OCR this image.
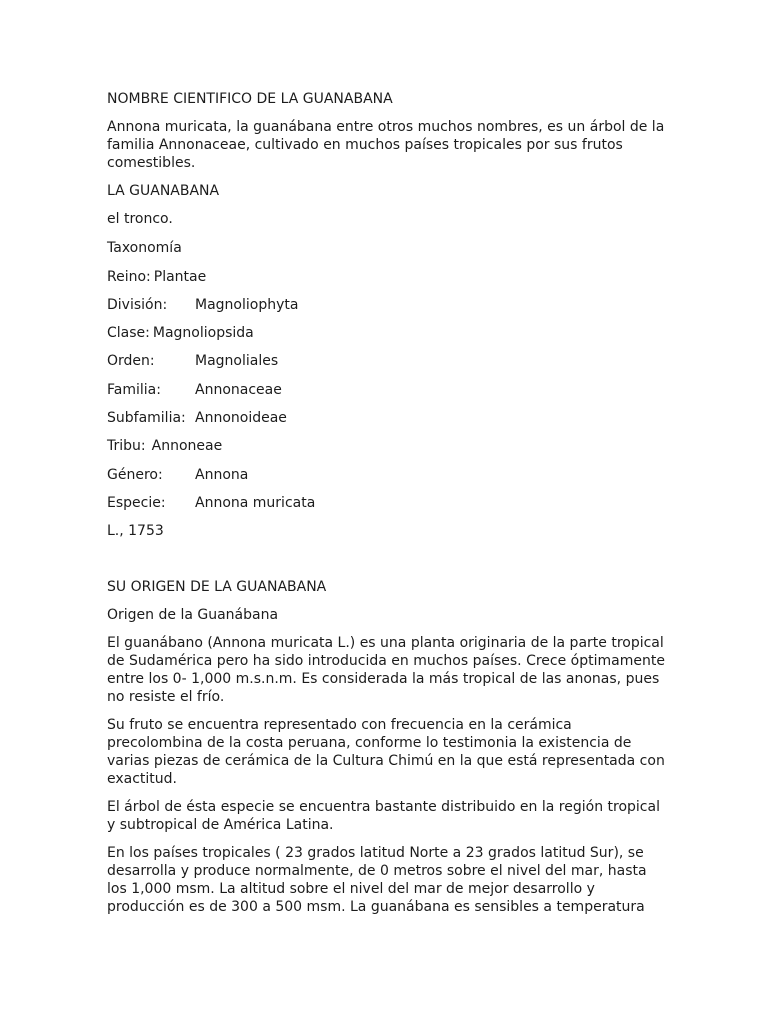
NOMBRE CIENTIFICO DE LA GUANABANA
Annona muricata, la guanábana entre otros muchos nombres, es un árbol de la
familia Annonaceae, cultivado en muchos países tropicales por sus frutos
comestibles.
LA GUANABANA
el tronco.
Taxonomía
Reino: Plantae
División: Magnoliophyta
Clase: Magnoliopsida
Orden:	Magnoliales
Familia: Annonaceae
Subfamilia: Annonoideae
Tribu: Annoneae
Género: Annona
Especie: Annona muricata
L., 1753
SU ORIGEN DE LA GUANABANA
Origen de la Guanábana
El guanábano (Annona muricata L.) es una planta originaria de la parte tropical
de Sudamérica pero ha sido introducida en muchos países. Crece óptimamente
entre los 0- 1,000 m.s.n.m. Es considerada la más tropical de las anonas, pues
no resiste el frío.
Su fruto se encuentra representado con frecuencia en la cerámica
precolombina de la costa peruana, conforme lo testimonia la existencia de
varias piezas de cerámica de la Cultura Chimú en la que está representada con
exactitud.
El árbol de ésta especie se encuentra bastante distribuido en la región tropical
y subtropical de América Latina.
En los países tropicales ( 23 grados latitud Norte a 23 grados latitud Sur), se
desarrolla y produce normalmente, de 0 metros sobre el nivel del mar, hasta
los 1,000 msm. La altitud sobre el nivel del mar de mejor desarrollo y
producción es de 300 a 500 msm. La guanábana es sensibles a temperatura
